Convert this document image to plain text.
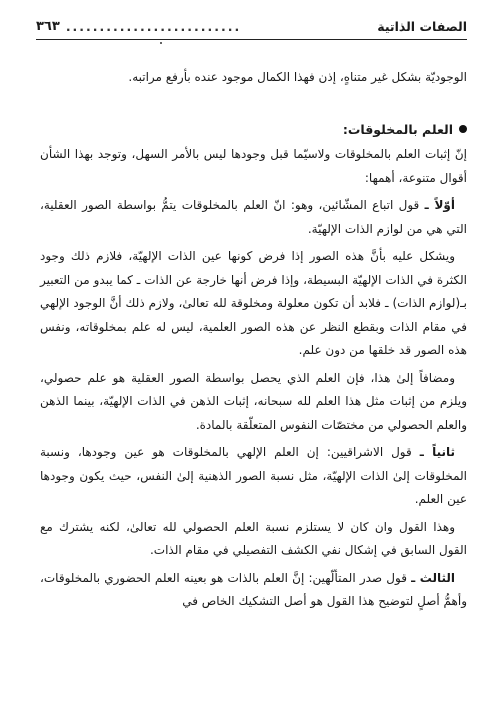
الصفات الذاتية
..........................
٣٦٣

الوجوديّة بشكل غير متناهٍ، إذن فهذا الكمال موجود عنده بأرفع مراتبه.

العلم بالمخلوقات:

إنّ إثبات العلم بالمخلوقات ولاسيّما قبل وجودها ليس بالأمر السهل، وتوجد بهذا الشأن أقوال متنوعة، أهمها:

أوّلاً ـ قول اتباع المشّائين، وهو: انّ العلم بالمخلوقات يتمُّ بواسطة الصور العقلية، التي هي من لوازم الذات الإلهيّة.

ويشكل عليه بأنَّ هذه الصور إذا فرض كونها عين الذات الإلهيّة، فلازم ذلك وجود الكثرة في الذات الإلهيّة البسيطة، وإذا فرض أنها خارجة عن الذات ـ كما يبدو من التعبير بـ(لوازم الذات) ـ فلابد أن تكون معلولة ومخلوقة لله تعالىٰ، ولازم ذلك أنَّ الوجود الإلهي في مقام الذات وبقطع النظر عن هذه الصور العلمية، ليس له علم بمخلوقاته، ونفس هذه الصور قد خلقها من دون علم.

ومضافاً إلىٰ هذا، فإن العلم الذي يحصل بواسطة الصور العقلية هو علم حصولي، ويلزم من إثبات مثل هذا العلم لله سبحانه، إثبات الذهن في الذات الإلهيّة، بينما الذهن والعلم الحصولي من مختصّات النفوس المتعلّقة بالمادة.

ثانياً ـ قول الاشراقيين: إن العلم الإلهي بالمخلوقات هو عين وجودها، ونسبة المخلوقات إلىٰ الذات الإلهيّة، مثل نسبة الصور الذهنية إلىٰ النفس، حيث يكون وجودها عين العلم.

وهذا القول وان كان لا يستلزم نسبة العلم الحصولي لله تعالىٰ، لكنه يشترك مع القول السابق في إشكال نفي الكشف التفصيلي في مقام الذات.

الثالث ـ قول صدر المتألّهين: إنَّ العلم بالذات هو بعينه العلم الحضوري بالمخلوقات، وأهمُّ أصلٍ لتوضيح هذا القول هو أصل التشكيك الخاص في
